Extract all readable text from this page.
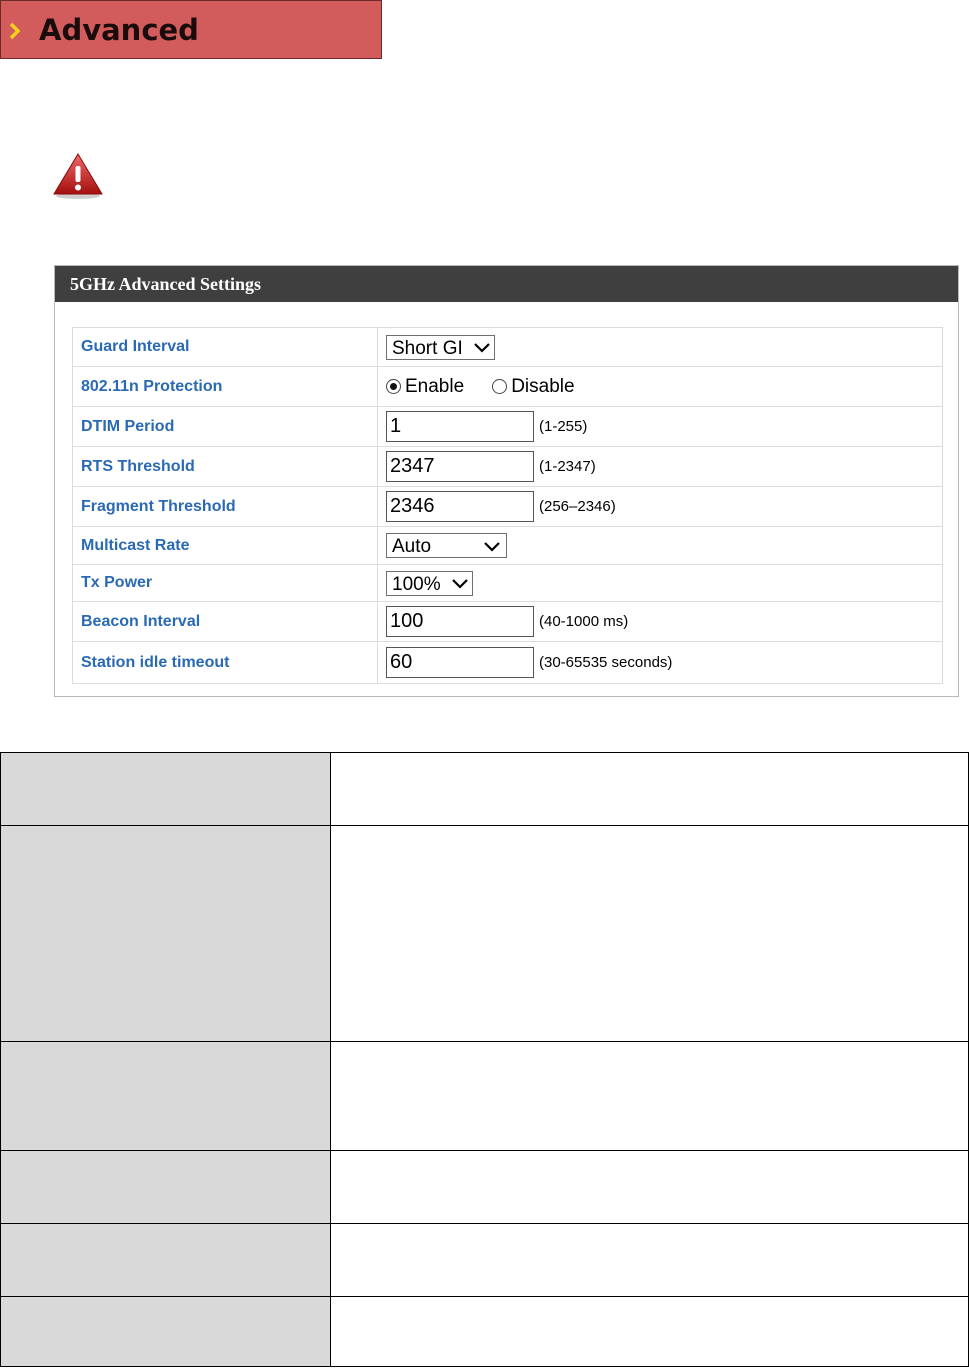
Advanced
5GHz Advanced Settings
Guard Interval	Short GI
802.11n Protection	Enable Disable
DTIM Period	1 (1-255)
RTS Threshold	2347 (1-2347)
Fragment Threshold	2346 (256–2346)
Multicast Rate	Auto

Tx Power	100%
Beacon Interval	100 (40-1000 ms)
Station idle timeout	60 (30-65535 seconds)
